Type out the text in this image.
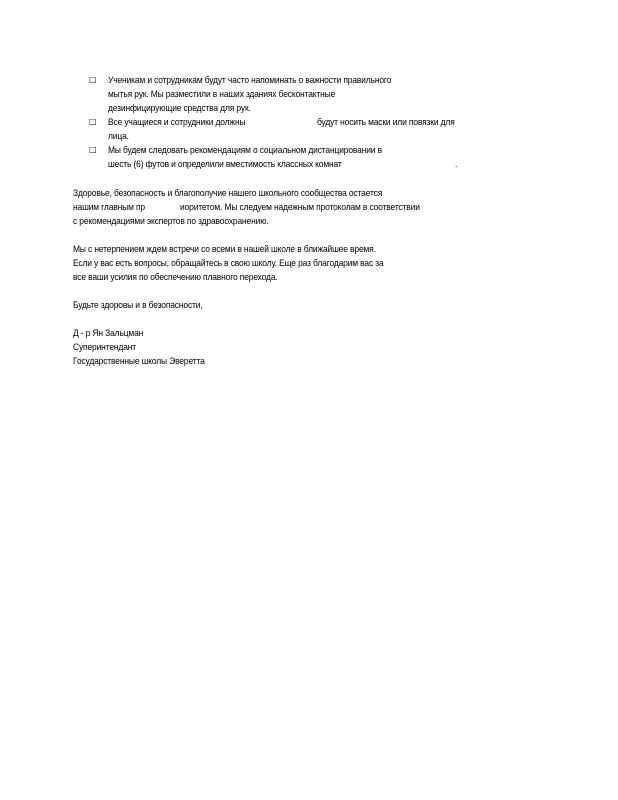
□ Ученикам и сотрудникам будут часто напоминать о важности правильного
мытья рук. Мы разместили в наших зданиях бесконтактные
дезинфицирующие средства для рук.
□ Все учащиеся и сотрудники должны	будут носить маски или повязки для
лица.
□ Мы будем следовать рекомендациям о социальном дистанцировании в
шесть (6) футов и определили вместимость классных комнат	.
Здоровье, безопасность и благополучие нашего школьного сообщества остается
нашим главным пр	иоритетом. Мы следуем надежным протоколам в соответствии
с рекомендациями экспертов по здравоохранению.
Мы с нетерпением ждем встречи со всеми в нашей школе в ближайшее время.
Если у вас есть вопросы, обращайтесь в свою школу. Еще раз благодарим вас за
все ваши усилия по обеспечению плавного перехода.
Будьте здоровы и в безопасности,
Д - р Ян Зальцман
Суперинтендант
Государственные школы Эверетта
